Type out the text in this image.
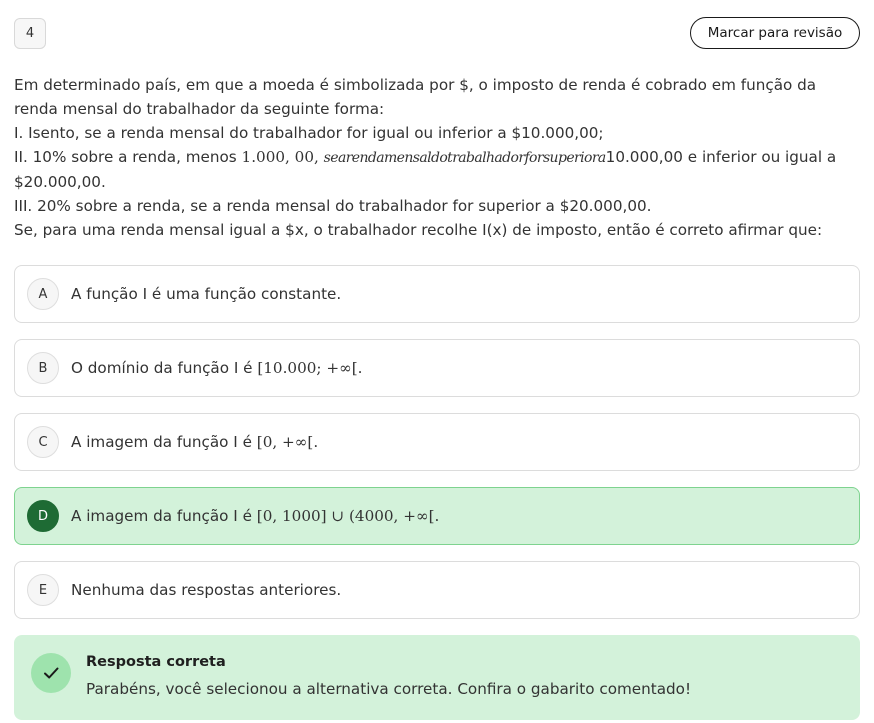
4	Marcar para revisão

Em determinado país, em que a moeda é simbolizada por $, o imposto de renda é cobrado em função da renda mensal do trabalhador da seguinte forma:

I. Isento, se a renda mensal do trabalhador for igual ou inferior a $10.000,00;

II. 10% sobre a renda, menos 1.000, 00, searendamensaldotrabalhadorforsuperiora10.000,00 e inferior ou igual a $20.000,00.

III. 20% sobre a renda, se a renda mensal do trabalhador for superior a $20.000,00.

Se, para uma renda mensal igual a $x, o trabalhador recolhe I(x) de imposto, então é correto afirmar que:

A	A função I é uma função constante.
B	O domínio da função I é [10.000; +∞[.
C	A imagem da função I é [0, +∞[.
D	A imagem da função I é [0, 1000] ∪ (4000, +∞[.
E	Nenhuma das respostas anteriores.
Resposta correta
Parabéns, você selecionou a alternativa correta. Confira o gabarito comentado!
